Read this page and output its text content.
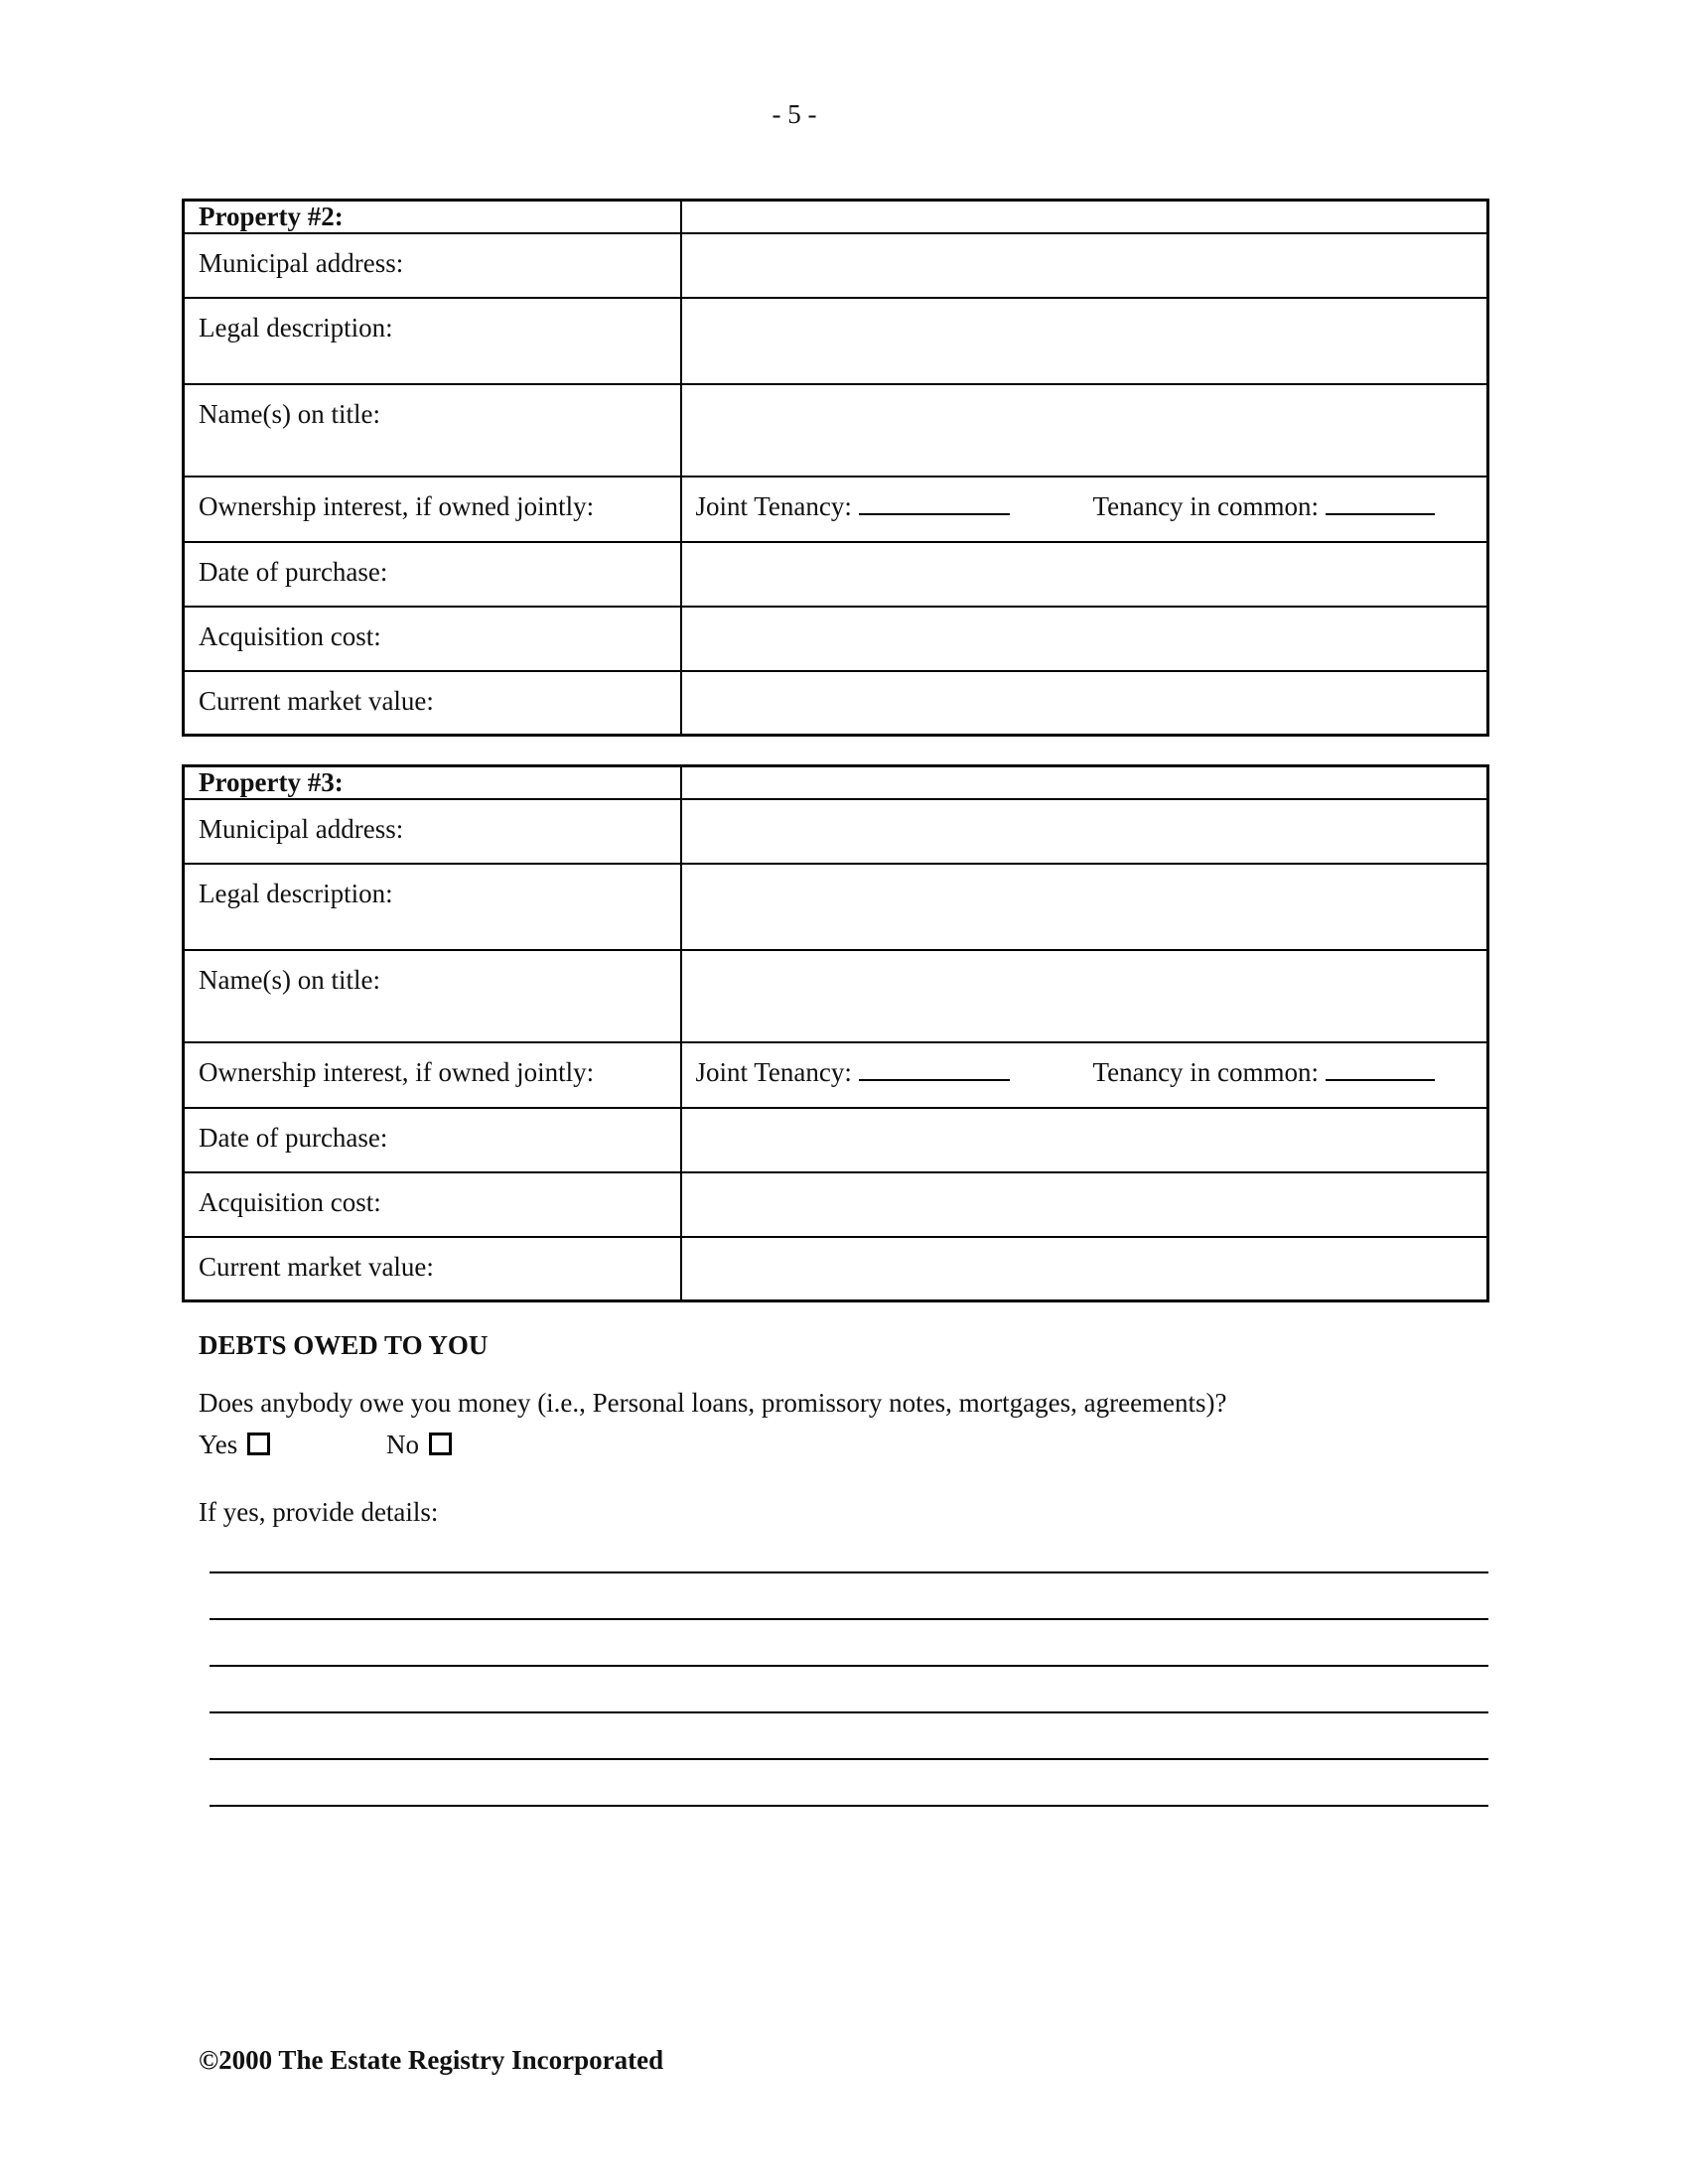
- 5 -
Property #2:	
Municipal address:	
Legal description:	
Name(s) on title:	
Ownership interest, if owned jointly:	Joint Tenancy: Tenancy in common:
Date of purchase:	
Acquisition cost:	
Current market value:	
Property #3:	
Municipal address:	
Legal description:	
Name(s) on title:	
Ownership interest, if owned jointly:	Joint Tenancy: Tenancy in common:
Date of purchase:	
Acquisition cost:	
Current market value:	
DEBTS OWED TO YOU
Does anybody owe you money (i.e., Personal loans, promissory notes, mortgages, agreements)?
Yes	No
If yes, provide details:
©2000 The Estate Registry Incorporated
